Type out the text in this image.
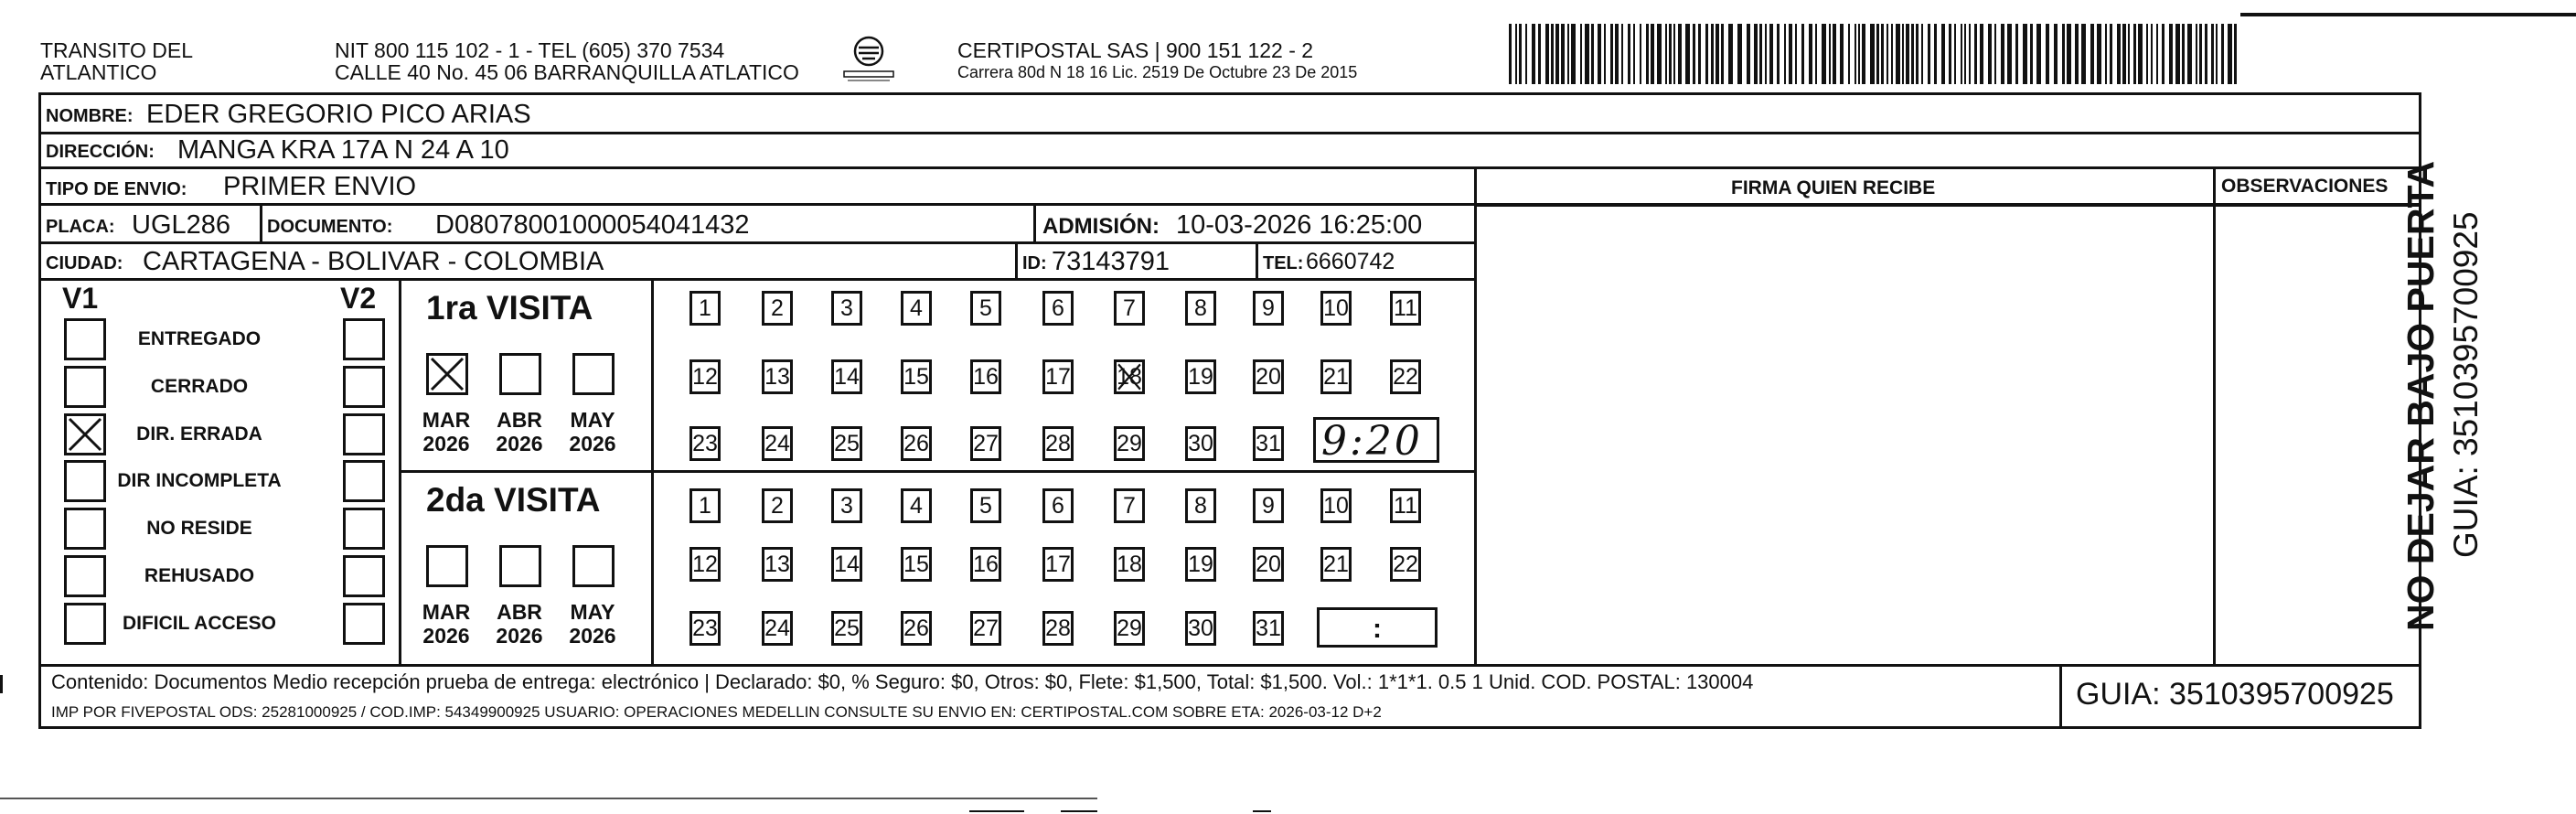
TRANSITO DEL
ATLANTICO
NIT 800 115 102 - 1 - TEL (605) 370 7534
CALLE 40 No. 45 06 BARRANQUILLA ATLATICO
CERTIPOSTAL SAS | 900 151 122 - 2
Carrera 80d N 18 16 Lic. 2519 De Octubre 23 De 2015
NOMBRE: EDER GREGORIO PICO ARIAS
DIRECCIÓN: MANGA KRA 17A N 24 A 10
TIPO DE ENVIO: PRIMER ENVIO	FIRMA QUIEN RECIBE	OBSERVACIONES
PLACA: UGL286 DOCUMENTO: D08078001000054041432	ADMISIÓN: 10-03-2026 16:25:00
CIUDAD: CARTAGENA - BOLIVAR - COLOMBIA	ID: 73143791	TEL: 6660742
V1	V2
ENTREGADO
CERRADO
DIR. ERRADA
DIR INCOMPLETA
NO RESIDE
REHUSADO
DIFICIL ACCESO
1ra VISITA
2da VISITA
MAR
2026
ABR
2026
MAY
2026
MAR
2026
ABR
2026
MAY
2026
1	2 3 4 5	6	7	8 9 10 11
12 13 14 15 16 17 18 19 20 21 22
23 24 25 26 27 28 29 30 31
1	2 3 4 5	6	7	8 9 10 11
12 13 14 15 16 17 18 19 20 21 22
23 24 25 26 27 28 29 30 31
9:20
:
Contenido: Documentos Medio recepción prueba de entrega: electrónico | Declarado: $0, % Seguro: $0, Otros: $0, Flete: $1,500, Total: $1,500. Vol.: 1*1*1. 0.5 1 Unid. COD. POSTAL: 130004
IMP POR FIVEPOSTAL ODS: 25281000925 / COD.IMP: 54349900925 USUARIO: OPERACIONES MEDELLIN CONSULTE SU ENVIO EN: CERTIPOSTAL.COM SOBRE ETA: 2026-03-12 D+2
GUIA: 3510395700925
NO DEJAR BAJO PUERTA GUIA: 3510395700925
